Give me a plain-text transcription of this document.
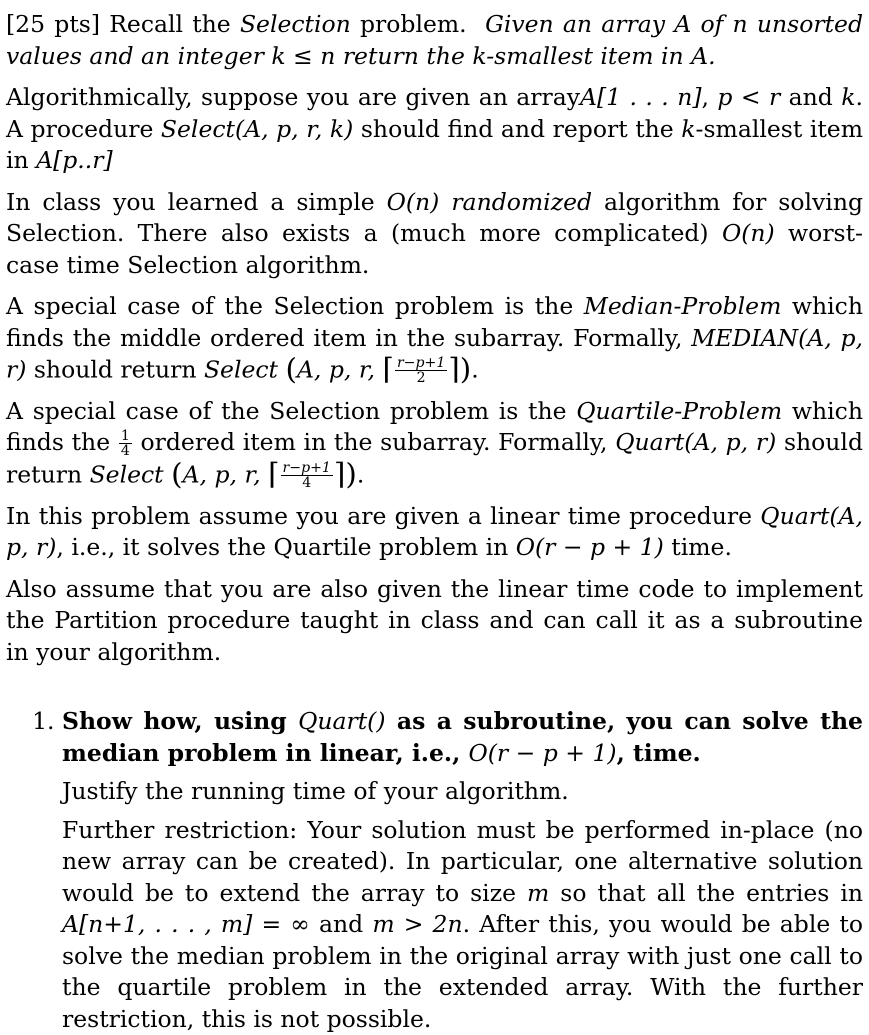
[25 pts] Recall the Selection problem. Given an array A of n unsorted values and an integer k ≤ n return the k-smallest item in A.

Algorithmically, suppose you are given an arrayA[1 . . . n], p < r and k. A procedure Select(A, p, r, k) should find and report the k-smallest item in A[p..r]

In class you learned a simple O(n) randomized algorithm for solving Selection. There also exists a (much more complicated) O(n) worst-case time Selection algorithm.

A special case of the Selection problem is the Median-Problem which finds the middle ordered item in the subarray. Formally, MEDIAN(A, p, r) should return Select (A, p, r, ⌈ $\frac{r-p+1}{2}$ ⌉).

A special case of the Selection problem is the Quartile-Problem which finds the $\frac{1}{4}$ ordered item in the subarray. Formally, Quart(A, p, r) should return Select (A, p, r, ⌈ $\frac{r-p+1}{4}$ ⌉).

In this problem assume you are given a linear time procedure Quart(A, p, r), i.e., it solves the Quartile problem in O(r − p + 1) time.

Also assume that you are also given the linear time code to implement the Partition procedure taught in class and can call it as a subroutine in your algorithm.

1. Show how, using Quart() as a subroutine, you can solve the median problem in linear, i.e., O(r − p + 1), time.
Justify the running time of your algorithm.
Further restriction: Your solution must be performed in-place (no new array can be created). In particular, one alternative solution would be to extend the array to size m so that all the entries in A[n+1, . . . , m] = ∞ and m > 2n. After this, you would be able to solve the median problem in the original array with just one call to the quartile problem in the extended array. With the further restriction, this is not possible.
